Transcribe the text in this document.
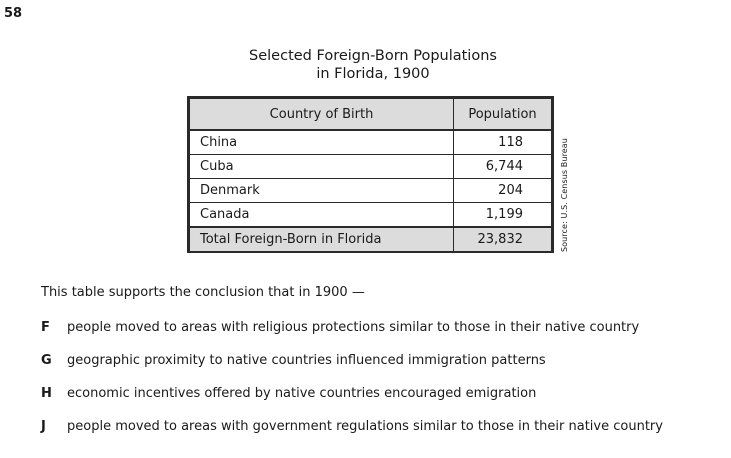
58
Selected Foreign-Born Populations
in Florida, 1900
Country of Birth	Population
China	118
Cuba	6,744
Denmark	204
Canada	1,199
Total Foreign-Born in Florida	23,832	Source: U.S. Census Bureau
This table supports the conclusion that in 1900 —
F	people moved to areas with religious protections similar to those in their native country
G	geographic proximity to native countries influenced immigration patterns
H	economic incentives offered by native countries encouraged emigration
J	people moved to areas with government regulations similar to those in their native country
